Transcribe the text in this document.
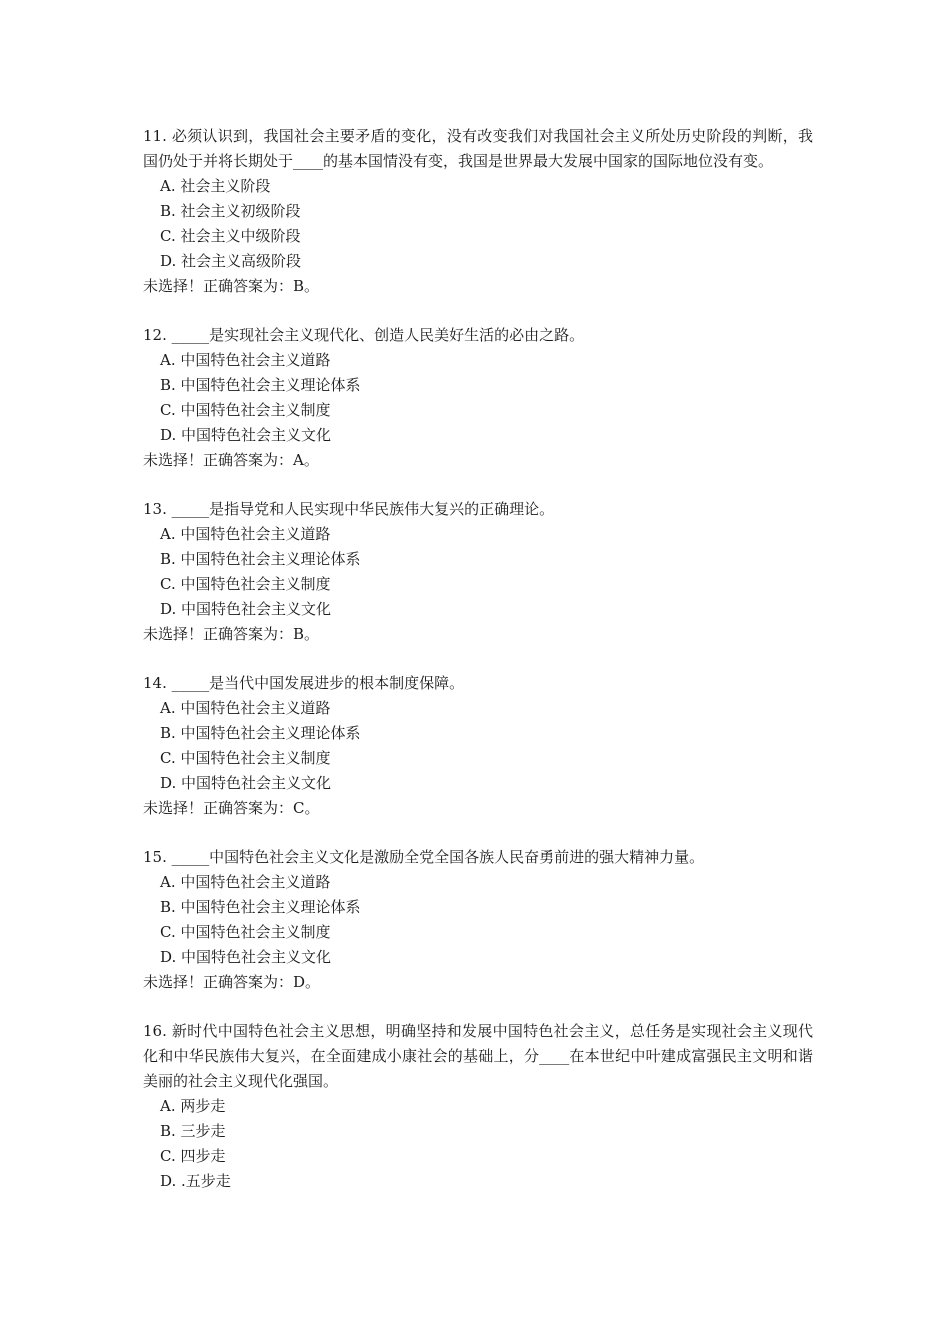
11. 必须认识到，我国社会主要矛盾的变化，没有改变我们对我国社会主义所处历史阶段的判断，我国仍处于并将长期处于____的基本国情没有变，我国是世界最大发展中国家的国际地位没有变。

A. 社会主义阶段

B. 社会主义初级阶段

C. 社会主义中级阶段

D. 社会主义高级阶段

未选择！正确答案为：B。

12. _____是实现社会主义现代化、创造人民美好生活的必由之路。

A. 中国特色社会主义道路

B. 中国特色社会主义理论体系

C. 中国特色社会主义制度

D. 中国特色社会主义文化

未选择！正确答案为：A。

13. _____是指导党和人民实现中华民族伟大复兴的正确理论。

A. 中国特色社会主义道路

B. 中国特色社会主义理论体系

C. 中国特色社会主义制度

D. 中国特色社会主义文化

未选择！正确答案为：B。

14. _____是当代中国发展进步的根本制度保障。

A. 中国特色社会主义道路

B. 中国特色社会主义理论体系

C. 中国特色社会主义制度

D. 中国特色社会主义文化

未选择！正确答案为：C。

15. _____中国特色社会主义文化是激励全党全国各族人民奋勇前进的强大精神力量。

A. 中国特色社会主义道路

B. 中国特色社会主义理论体系

C. 中国特色社会主义制度

D. 中国特色社会主义文化

未选择！正确答案为：D。

16. 新时代中国特色社会主义思想，明确坚持和发展中国特色社会主义，总任务是实现社会主义现代化和中华民族伟大复兴，在全面建成小康社会的基础上，分____在本世纪中叶建成富强民主文明和谐美丽的社会主义现代化强国。

A. 两步走

B. 三步走

C. 四步走

D. .五步走
